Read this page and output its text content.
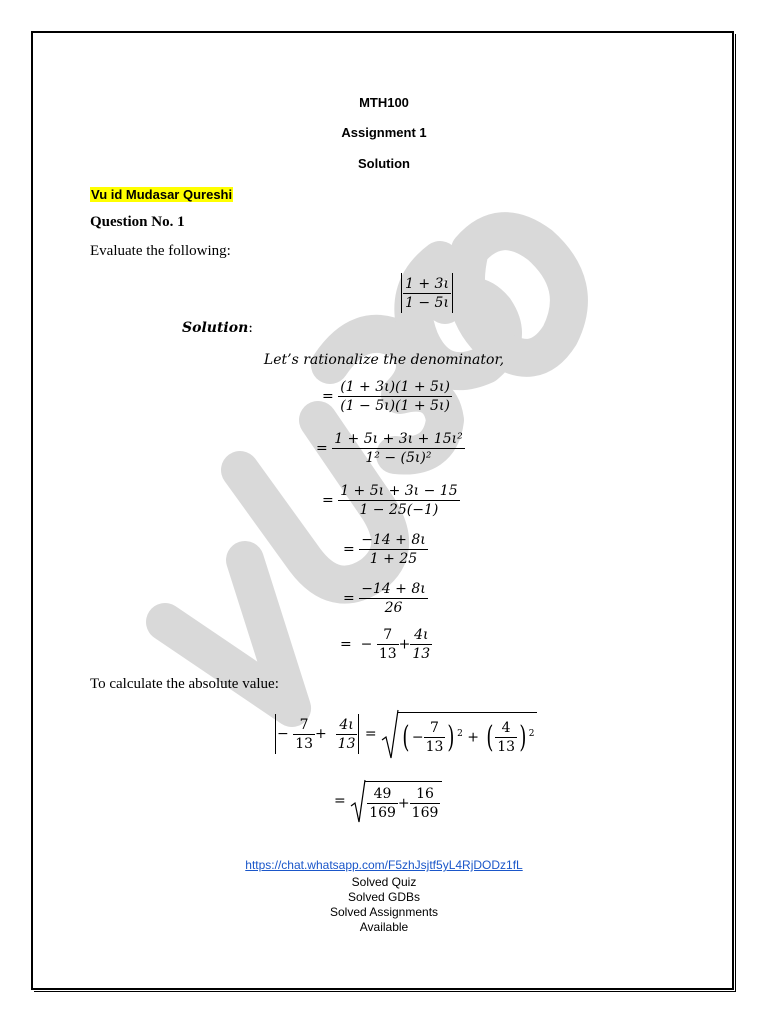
MTH100
Assignment 1
Solution
Vu id Mudasar Qureshi
Question No. 1
Evaluate the following:
$\frac{1 + 3\iota}{1 - 5\iota}$
Solution:
Let’s rationalize the denominator,
= $\frac{(1 + 3\iota)(1 + 5\iota)}{(1 - 5\iota)(1 + 5\iota)}$
= $\frac{\text{1 + 5ι + 3ι + 15ι²}}{\text{1² − (5ι)²}}$
= $\frac{1 + 5\iota + 3\iota - 15}{1 - 25(-1)}$
= $\frac{-14 + 8\iota}{1 + 25}$
= $\frac{-14 + 8\iota}{26}$
=  − $\frac{7}{13} + \frac{4\iota}{13}$
To calculate the absolute value:
− $\frac{7}{13} + \frac{4\iota}{13}$ = ( − $\frac{7}{13}$ ) $^2$ + ( $\frac{4}{13}$ ) $^2$
= $\frac{49}{169} + \frac{16}{169}$
https://chat.whatsapp.com/F5zhJsjtf5yL4RjDODz1fL
Solved Quiz
Solved GDBs
Solved Assignments
Available
